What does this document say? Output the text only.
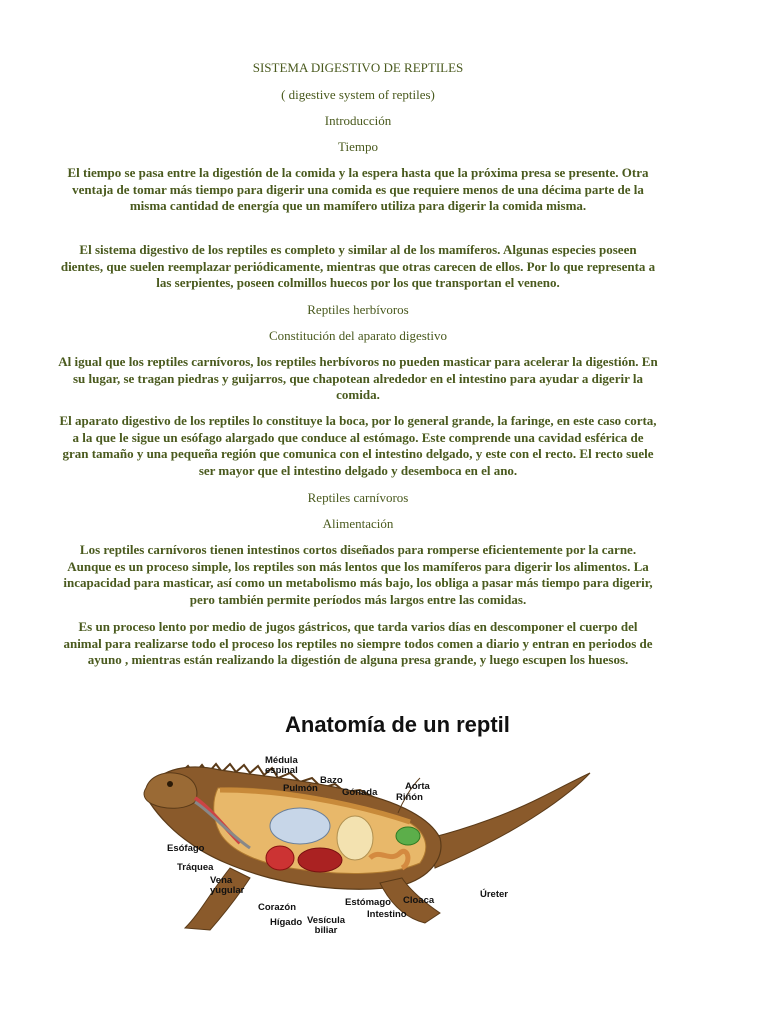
SISTEMA DIGESTIVO DE REPTILES
( digestive system of reptiles)
Introducción
Tiempo
El tiempo se pasa entre la digestión de la comida y la espera hasta que la próxima presa se presente. Otra ventaja de tomar más tiempo para digerir una comida es que requiere menos de una décima parte de la misma cantidad de energía que un mamífero utiliza para digerir la comida misma.
El sistema digestivo de los reptiles es completo y similar al de los mamíferos. Algunas especies poseen dientes, que suelen reemplazar periódicamente, mientras que otras carecen de ellos. Por lo que representa a las serpientes, poseen colmillos huecos por los que transportan el veneno.
Reptiles herbívoros
Constitución del aparato digestivo
Al igual que los reptiles carnívoros, los reptiles herbívoros no pueden masticar para acelerar la digestión. En su lugar, se tragan piedras y guijarros, que chapotean alrededor en el intestino para ayudar a digerir la comida.
El aparato digestivo de los reptiles lo constituye la boca, por lo general grande, la faringe, en este caso corta, a la que le sigue un esófago alargado que conduce al estómago. Este comprende una cavidad esférica de gran tamaño y una pequeña región que comunica con el intestino delgado, y este con el recto. El recto suele ser mayor que el intestino delgado y desemboca en el ano.
Reptiles carnívoros
Alimentación
Los reptiles carnívoros tienen intestinos cortos diseñados para romperse eficientemente por la carne. Aunque es un proceso simple, los reptiles son más lentos que los mamíferos para digerir los alimentos. La incapacidad para masticar, así como un metabolismo más bajo, los obliga a pasar más tiempo para digerir, pero también permite períodos más largos entre las comidas.
Es un proceso lento por medio de jugos gástricos, que tarda varios días en descomponer el cuerpo del animal para realizarse todo el proceso los reptiles no siempre todos comen a diario y entran en periodos de ayuno , mientras están realizando la digestión de alguna presa grande, y luego escupen los huesos.
Anatomía de un reptil
Médula
espinal
Bazo
Pulmón	Gónada Riñón
Aorta
Esófago
Tráquea
Vena
yugular
Corazón
Hígado Vesícula
biliar
Estómago
Intestino
Cloaca
Úreter
